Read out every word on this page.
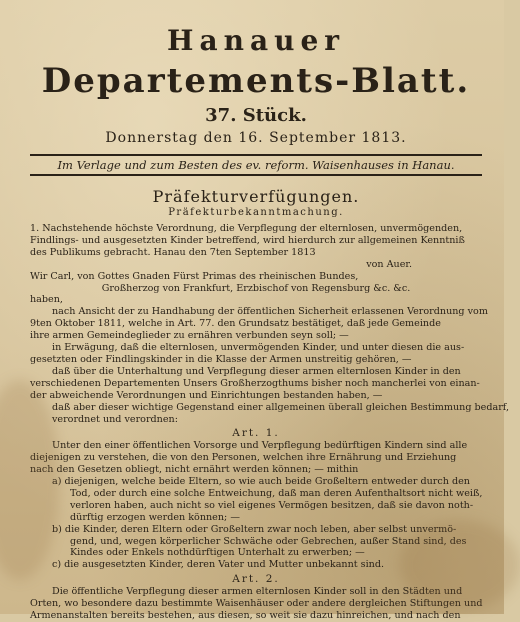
Hanauer
Departements-Blatt.
37. Stück.
Donnerstag den 16. September 1813.
Im Verlage und zum Besten des ev. reform. Waisenhauses in Hanau.
Präfekturverfügungen.
Präfekturbekanntmachung.

1. Nachstehende höchste Verordnung, die Verpflegung der elternlosen, unvermögenden,

Findlings- und ausgesetzten Kinder betreffend, wird hierdurch zur allgemeinen Kenntniß

des Publikums gebracht. Hanau den 7ten September 1813

von Auer.

Wir Carl, von Gottes Gnaden Fürst Primas des rheinischen Bundes,

Großherzog von Frankfurt, Erzbischof von Regensburg &c. &c.

haben,

nach Ansicht der zu Handhabung der öffentlichen Sicherheit erlassenen Verordnung vom

9ten Oktober 1811, welche in Art. 77. den Grundsatz bestätiget, daß jede Gemeinde

ihre armen Gemeindeglieder zu ernähren verbunden seyn soll; —

in Erwägung, daß die elternlosen, unvermögenden Kinder, und unter diesen die aus-

gesetzten oder Findlingskinder in die Klasse der Armen unstreitig gehören, —

daß über die Unterhaltung und Verpflegung dieser armen elternlosen Kinder in den

verschiedenen Departementen Unsers Großherzogthums bisher noch mancherlei von einan-

der abweichende Verordnungen und Einrichtungen bestanden haben, —

daß aber dieser wichtige Gegenstand einer allgemeinen überall gleichen Bestimmung bedarf,

verordnet und verordnen:

Art. 1.

Unter den einer öffentlichen Vorsorge und Verpflegung bedürftigen Kindern sind alle

diejenigen zu verstehen, die von den Personen, welchen ihre Ernährung und Erziehung

nach den Gesetzen obliegt, nicht ernährt werden können; — mithin

a) diejenigen, welche beide Eltern, so wie auch beide Großeltern entweder durch den

Tod, oder durch eine solche Entweichung, daß man deren Aufenthaltsort nicht weiß,

verloren haben, auch nicht so viel eigenes Vermögen besitzen, daß sie davon noth-

dürftig erzogen werden können; —

b) die Kinder, deren Eltern oder Großeltern zwar noch leben, aber selbst unvermö-

gend, und, wegen körperlicher Schwäche oder Gebrechen, außer Stand sind, des

Kindes oder Enkels nothdürftigen Unterhalt zu erwerben; —

c) die ausgesetzten Kinder, deren Vater und Mutter unbekannt sind.

Art. 2.

Die öffentliche Verpflegung dieser armen elternlosen Kinder soll in den Städten und

Orten, wo besondere dazu bestimmte Waisenhäuser oder andere dergleichen Stiftungen und

Armenanstalten bereits bestehen, aus diesen, so weit sie dazu hinreichen, und nach den
